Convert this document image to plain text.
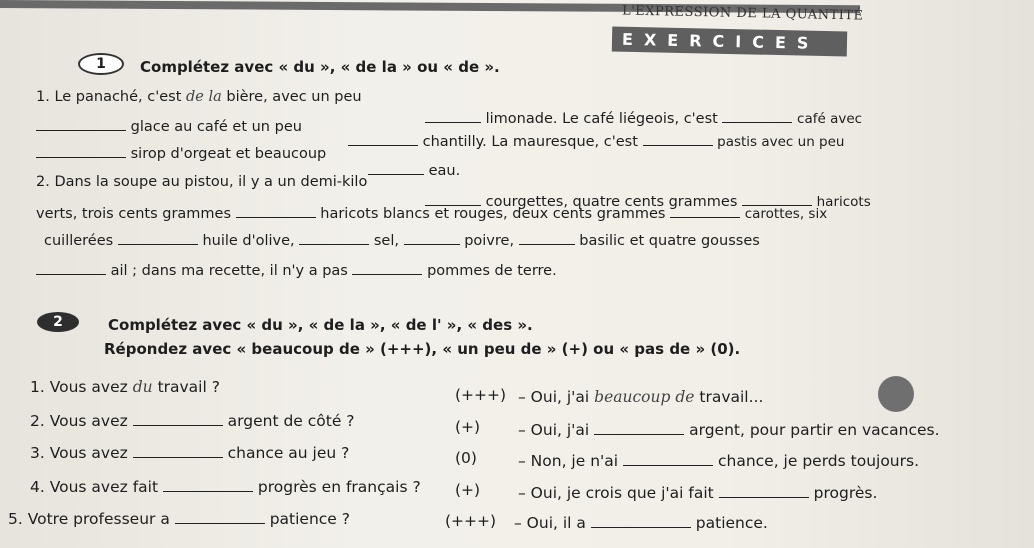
L'EXPRESSION DE LA QUANTITÉ
EXERCICES
1	Complétez avec « du », « de la » ou « de ».
1. Le panaché, c'est de la bière, avec un peu
limonade. Le café liégeois, c'est	café avec
glace au café et un peu
chantilly. La mauresque, c'est	pastis avec un peu
sirop d'orgeat et beaucoup
eau.
2. Dans la soupe au pistou, il y a un demi-kilo
courgettes, quatre cents grammes	haricots
verts, trois cents grammes	haricots blancs et rouges, deux cents grammes	carottes, six
cuillerées	huile d'olive,	sel,	poivre,	basilic et quatre gousses
ail ; dans ma recette, il n'y a pas	pommes de terre.
2	Complétez avec « du », « de la », « de l' », « des ».
Répondez avec « beaucoup de » (+++), « un peu de » (+) ou « pas de » (0).
1. Vous avez du travail ?	(+++) – Oui, j'ai beaucoup de travail...
2. Vous avez	argent de côté ?	(+) – Oui, j'ai	argent, pour partir en vacances.
3. Vous avez	chance au jeu ?	(0)	– Non, je n'ai	chance, je perds toujours.
4. Vous avez fait	progrès en français ? (+) – Oui, je crois que j'ai fait	progrès.
5. Votre professeur a	patience ?	(+++) – Oui, il a	patience.
